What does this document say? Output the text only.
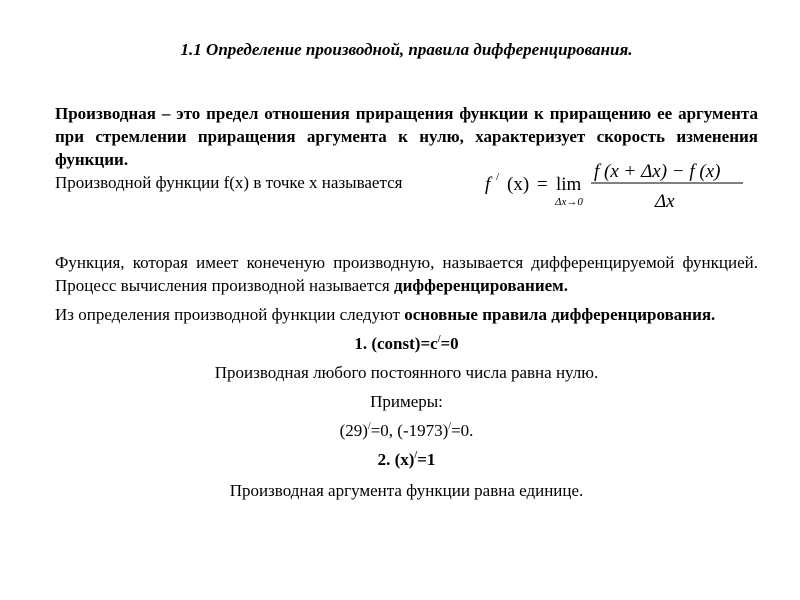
1.1 Определение производной, правила дифференцирования.

Производная – это предел отношения приращения функции к приращению ее аргумента при стремлении приращения аргумента к нулю, характеризует скорость изменения функции.

Производной функции f(x) в точке x называется	f / (x) = lim
Δx→0
f (x + Δx) − f (x)
Δx

Функция, которая имеет конеченую производную, называется дифференцируемой функцией. Процесс вычисления производной называется дифференцированием.

Из определения производной функции следуют основные правила дифференцирования.

1. (const)=c/=0

Производная любого постоянного числа равна нулю.

Примеры:

(29)/=0, (-1973)/=0.

2. (x)/=1

Производная аргумента функции равна единице.
